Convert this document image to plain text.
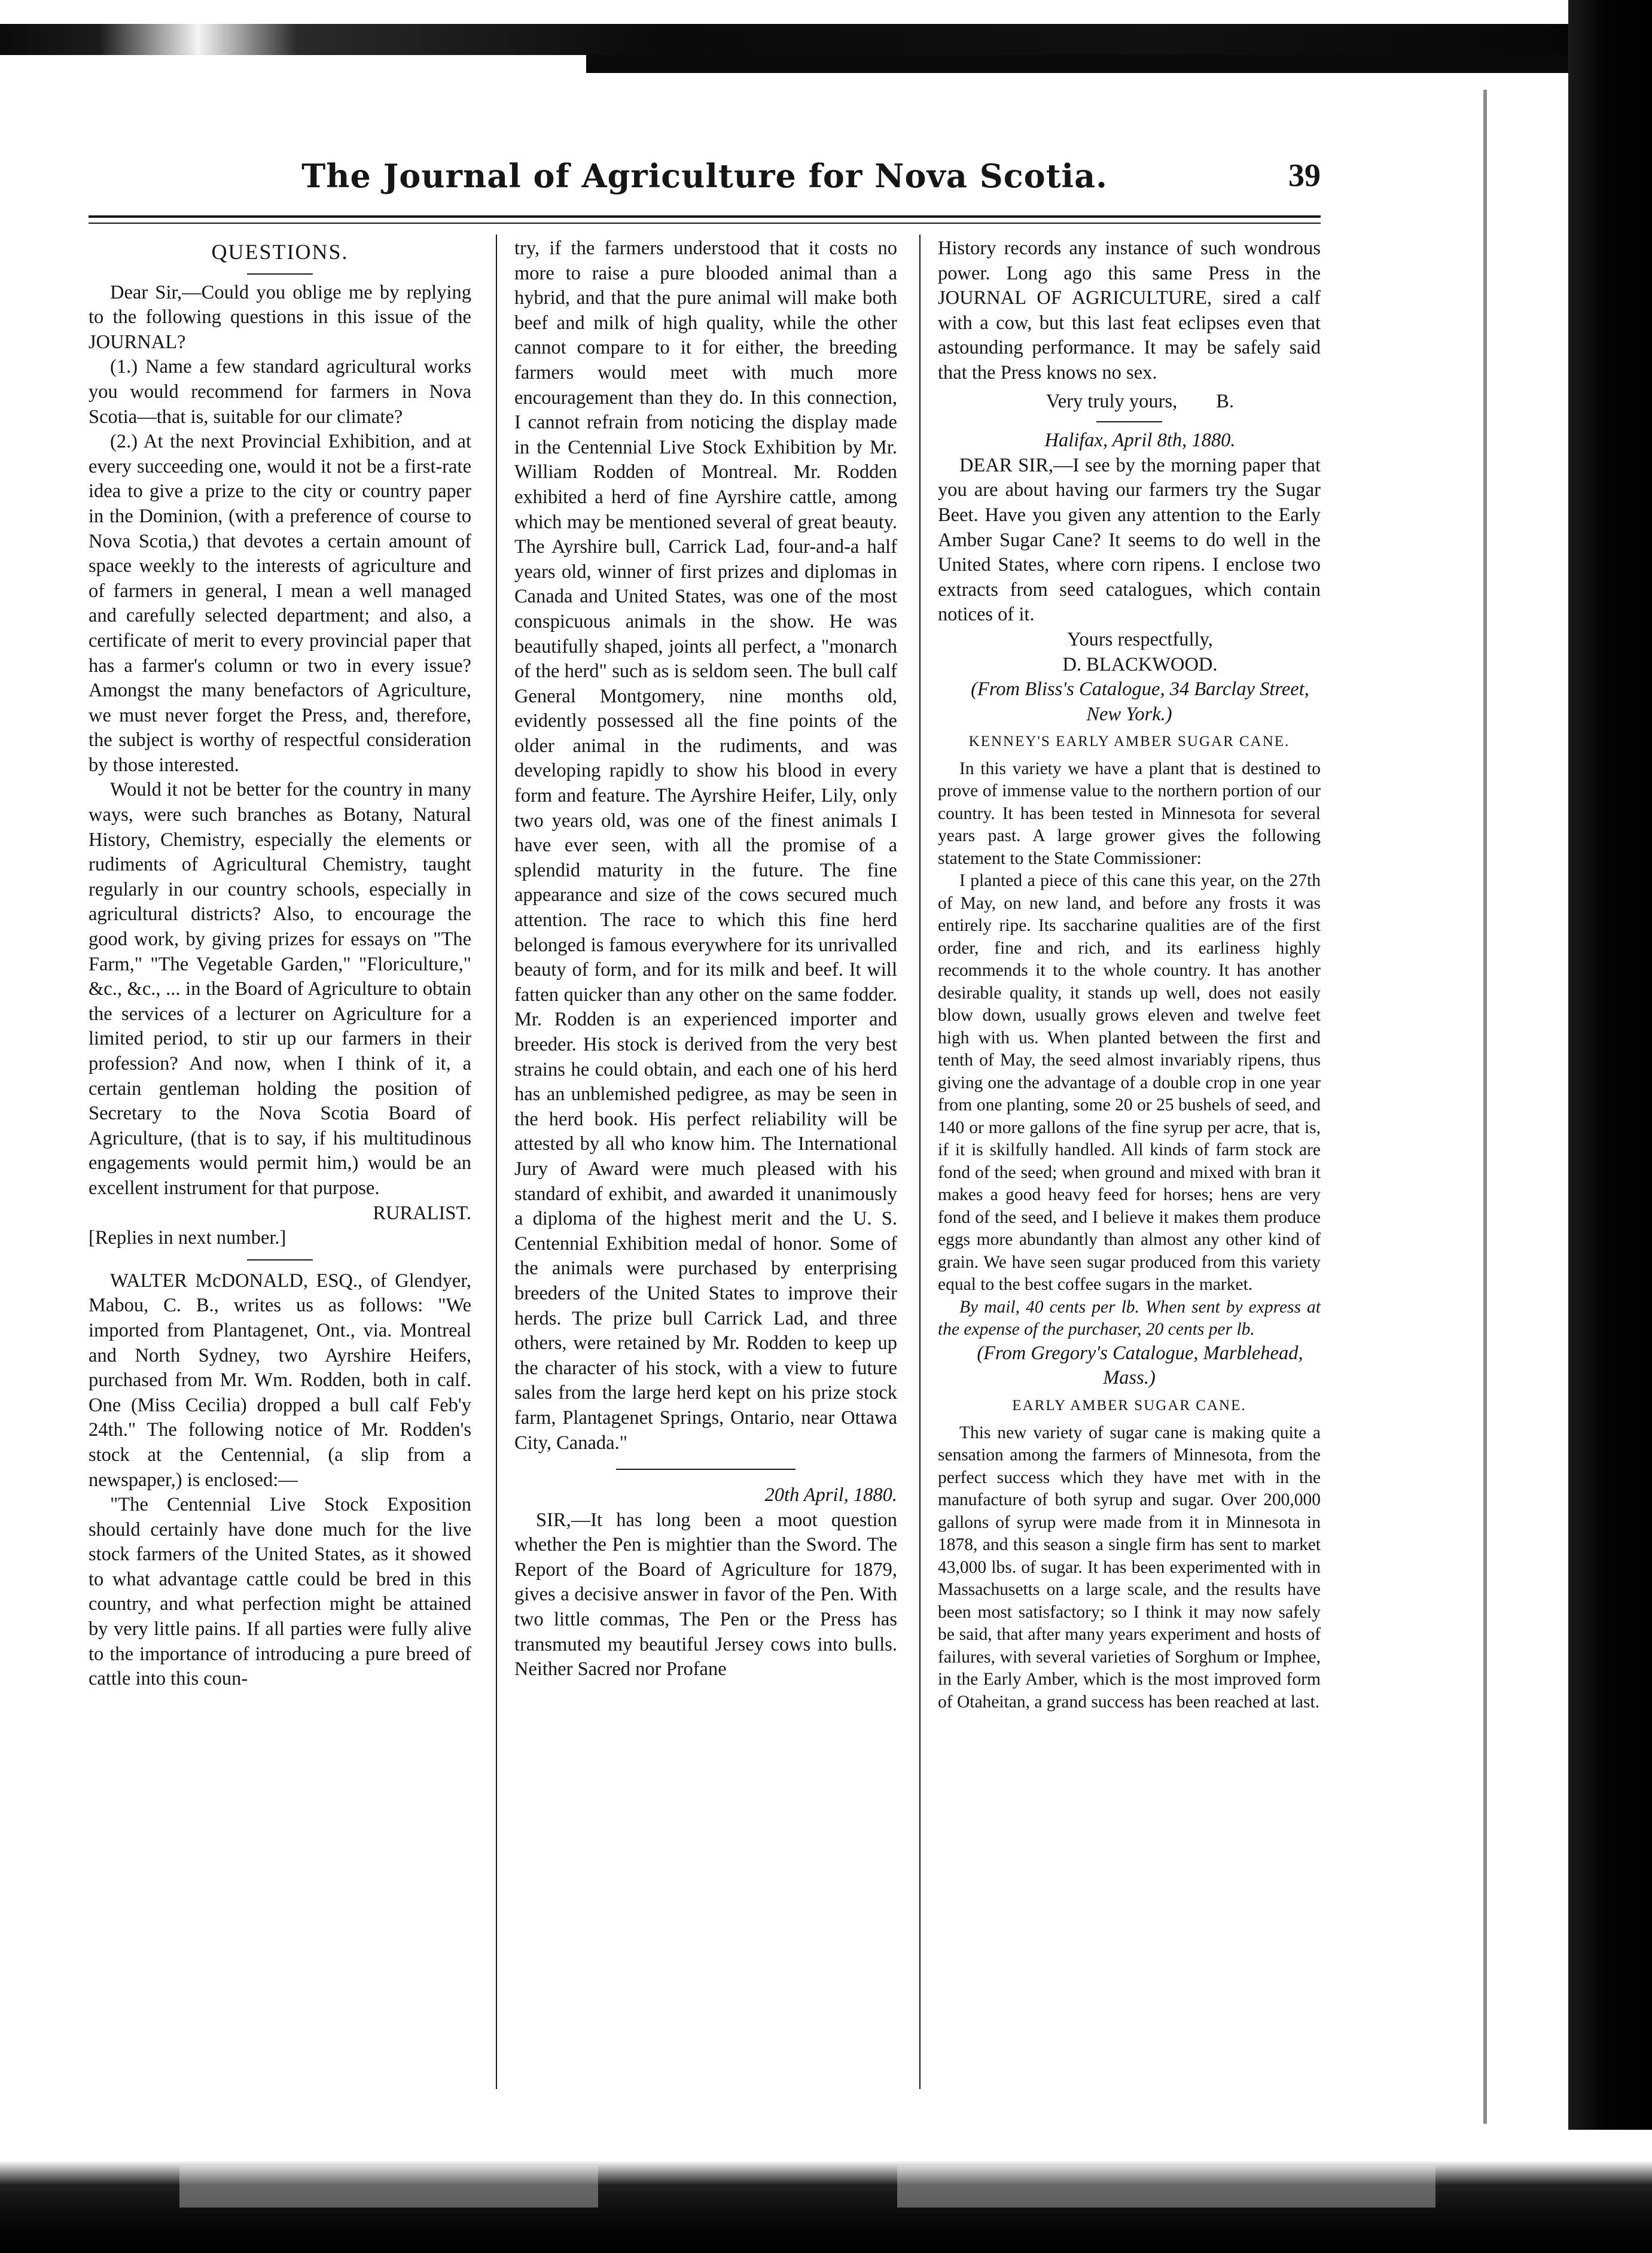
The Journal of Agriculture for Nova Scotia.	39
QUESTIONS.

Dear Sir,—Could you oblige me by replying to the following questions in this issue of the JOURNAL?

(1.) Name a few standard agricultural works you would recommend for farmers in Nova Scotia—that is, suitable for our climate?

(2.) At the next Provincial Exhibition, and at every succeeding one, would it not be a first-rate idea to give a prize to the city or country paper in the Dominion, (with a preference of course to Nova Scotia,) that devotes a certain amount of space weekly to the interests of agriculture and of farmers in general, I mean a well managed and carefully selected department; and also, a certificate of merit to every provincial paper that has a farmer's column or two in every issue? Amongst the many benefactors of Agriculture, we must never forget the Press, and, therefore, the subject is worthy of respectful consideration by those interested.

Would it not be better for the country in many ways, were such branches as Botany, Natural History, Chemistry, especially the elements or rudiments of Agricultural Chemistry, taught regularly in our country schools, especially in agricultural districts? Also, to encourage the good work, by giving prizes for essays on "The Farm," "The Vegetable Garden," "Floriculture," &c., &c., ... in the Board of Agriculture to obtain the services of a lecturer on Agriculture for a limited period, to stir up our farmers in their profession? And now, when I think of it, a certain gentleman holding the position of Secretary to the Nova Scotia Board of Agriculture, (that is to say, if his multitudinous engagements would permit him,) would be an excellent instrument for that purpose.

RURALIST.

[Replies in next number.]

WALTER McDONALD, ESQ., of Glendyer, Mabou, C. B., writes us as follows: "We imported from Plantagenet, Ont., via. Montreal and North Sydney, two Ayrshire Heifers, purchased from Mr. Wm. Rodden, both in calf. One (Miss Cecilia) dropped a bull calf Feb'y 24th." The following notice of Mr. Rodden's stock at the Centennial, (a slip from a newspaper,) is enclosed:—

"The Centennial Live Stock Exposition should certainly have done much for the live stock farmers of the United States, as it showed to what advantage cattle could be bred in this country, and what perfection might be attained by very little pains. If all parties were fully alive to the importance of introducing a pure breed of cattle into this coun-

try, if the farmers understood that it costs no more to raise a pure blooded animal than a hybrid, and that the pure animal will make both beef and milk of high quality, while the other cannot compare to it for either, the breeding farmers would meet with much more encouragement than they do. In this connection, I cannot refrain from noticing the display made in the Centennial Live Stock Exhibition by Mr. William Rodden of Montreal. Mr. Rodden exhibited a herd of fine Ayrshire cattle, among which may be mentioned several of great beauty. The Ayrshire bull, Carrick Lad, four-and-a half years old, winner of first prizes and diplomas in Canada and United States, was one of the most conspicuous animals in the show. He was beautifully shaped, joints all perfect, a "monarch of the herd" such as is seldom seen. The bull calf General Montgomery, nine months old, evidently possessed all the fine points of the older animal in the rudiments, and was developing rapidly to show his blood in every form and feature. The Ayrshire Heifer, Lily, only two years old, was one of the finest animals I have ever seen, with all the promise of a splendid maturity in the future. The fine appearance and size of the cows secured much attention. The race to which this fine herd belonged is famous everywhere for its unrivalled beauty of form, and for its milk and beef. It will fatten quicker than any other on the same fodder. Mr. Rodden is an experienced importer and breeder. His stock is derived from the very best strains he could obtain, and each one of his herd has an unblemished pedigree, as may be seen in the herd book. His perfect reliability will be attested by all who know him. The International Jury of Award were much pleased with his standard of exhibit, and awarded it unanimously a diploma of the highest merit and the U. S. Centennial Exhibition medal of honor. Some of the animals were purchased by enterprising breeders of the United States to improve their herds. The prize bull Carrick Lad, and three others, were retained by Mr. Rodden to keep up the character of his stock, with a view to future sales from the large herd kept on his prize stock farm, Plantagenet Springs, Ontario, near Ottawa City, Canada."

20th April, 1880.

SIR,—It has long been a moot question whether the Pen is mightier than the Sword. The Report of the Board of Agriculture for 1879, gives a decisive answer in favor of the Pen. With two little commas, The Pen or the Press has transmuted my beautiful Jersey cows into bulls. Neither Sacred nor Profane

History records any instance of such wondrous power. Long ago this same Press in the JOURNAL OF AGRICULTURE, sired a calf with a cow, but this last feat eclipses even that astounding performance. It may be safely said that the Press knows no sex.

Very truly yours, B.

Halifax, April 8th, 1880.

DEAR SIR,—I see by the morning paper that you are about having our farmers try the Sugar Beet. Have you given any attention to the Early Amber Sugar Cane? It seems to do well in the United States, where corn ripens. I enclose two extracts from seed catalogues, which contain notices of it.

Yours respectfully,

D. BLACKWOOD.

(From Bliss's Catalogue, 34 Barclay Street, New York.)

KENNEY'S EARLY AMBER SUGAR CANE.

In this variety we have a plant that is destined to prove of immense value to the northern portion of our country. It has been tested in Minnesota for several years past. A large grower gives the following statement to the State Commissioner:

I planted a piece of this cane this year, on the 27th of May, on new land, and before any frosts it was entirely ripe. Its saccharine qualities are of the first order, fine and rich, and its earliness highly recommends it to the whole country. It has another desirable quality, it stands up well, does not easily blow down, usually grows eleven and twelve feet high with us. When planted between the first and tenth of May, the seed almost invariably ripens, thus giving one the advantage of a double crop in one year from one planting, some 20 or 25 bushels of seed, and 140 or more gallons of the fine syrup per acre, that is, if it is skilfully handled. All kinds of farm stock are fond of the seed; when ground and mixed with bran it makes a good heavy feed for horses; hens are very fond of the seed, and I believe it makes them produce eggs more abundantly than almost any other kind of grain. We have seen sugar produced from this variety equal to the best coffee sugars in the market.

By mail, 40 cents per lb. When sent by express at the expense of the purchaser, 20 cents per lb.

(From Gregory's Catalogue, Marblehead, Mass.)

EARLY AMBER SUGAR CANE.

This new variety of sugar cane is making quite a sensation among the farmers of Minnesota, from the perfect success which they have met with in the manufacture of both syrup and sugar. Over 200,000 gallons of syrup were made from it in Minnesota in 1878, and this season a single firm has sent to market 43,000 lbs. of sugar. It has been experimented with in Massachusetts on a large scale, and the results have been most satisfactory; so I think it may now safely be said, that after many years experiment and hosts of failures, with several varieties of Sorghum or Imphee, in the Early Amber, which is the most improved form of Otaheitan, a grand success has been reached at last.
